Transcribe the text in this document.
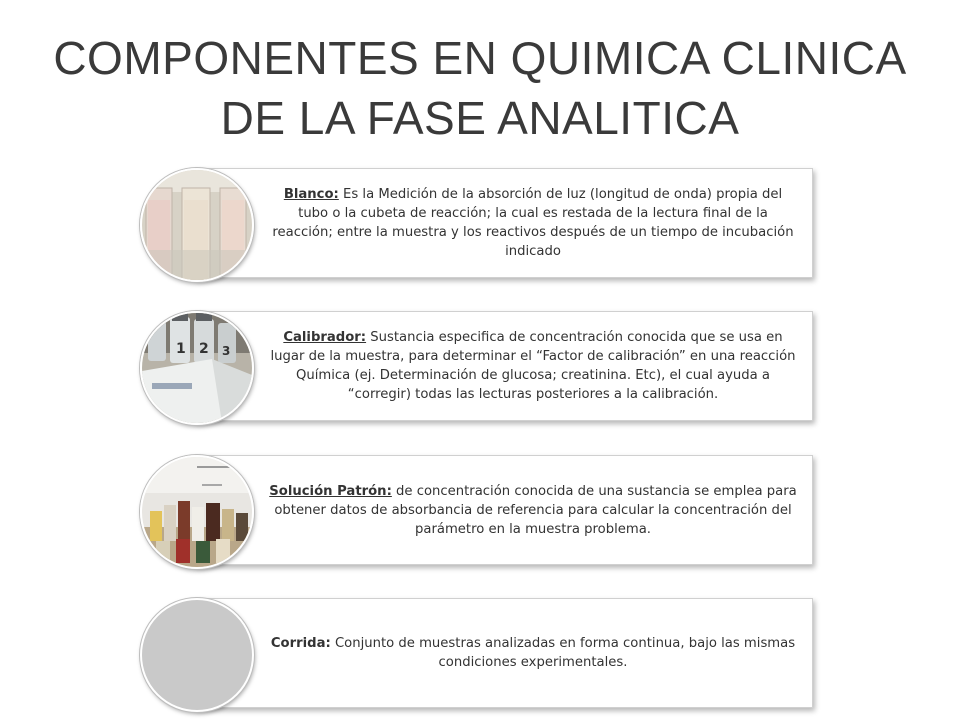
COMPONENTES EN QUIMICA CLINICA
DE LA FASE ANALITICA

Blanco: Es la Medición de la absorción de luz (longitud de onda) propia del tubo o la cubeta de reacción; la cual es restada de la lectura final de la reacción; entre la muestra y los reactivos después de un tiempo de incubación indicado

Calibrador: Sustancia especifica de concentración conocida que se usa en lugar de la muestra, para determinar el “Factor de calibración” en una reacción Química (ej. Determinación de glucosa; creatinina. Etc), el cual ayuda a “corregir) todas las lecturas posteriores a la calibración.

1 2 3

Solución Patrón: de concentración conocida de una sustancia se emplea para obtener datos de absorbancia de referencia para calcular la concentración del parámetro en la muestra problema.

Corrida: Conjunto de muestras analizadas en forma continua, bajo las mismas condiciones experimentales.
